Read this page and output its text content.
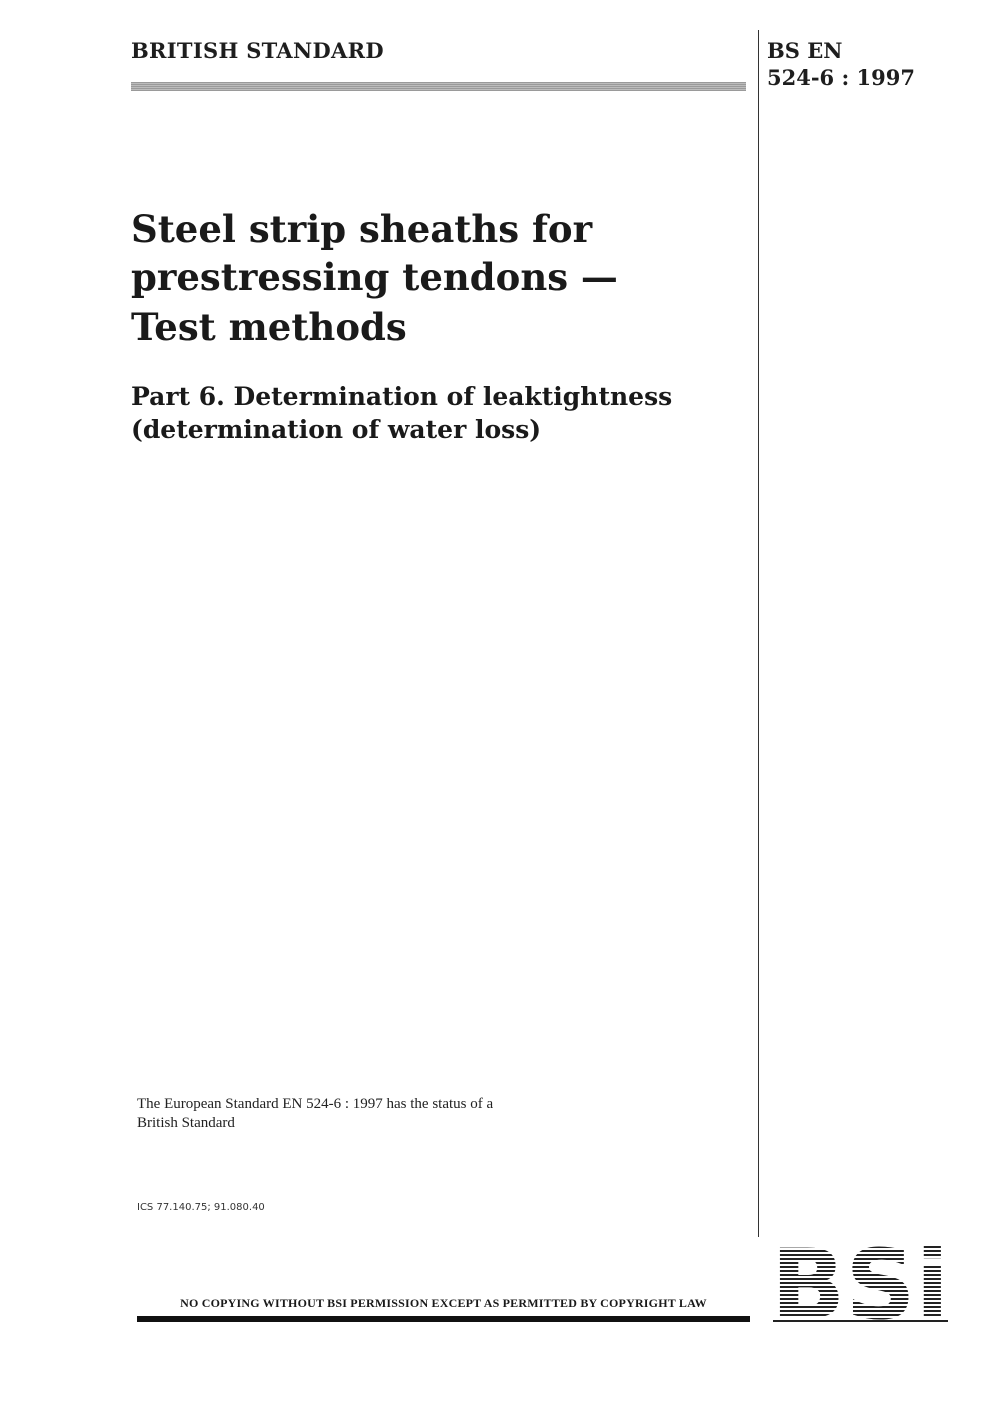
BRITISH STANDARD	BS EN
524-6 : 1997
Steel strip sheaths for
prestressing tendons —
Test methods
Part 6. Determination of leaktightness
(determination of water loss)
The European Standard EN 524-6 : 1997 has the status of a
British Standard
ICS 77.140.75; 91.080.40
NO COPYING WITHOUT BSI PERMISSION EXCEPT AS PERMITTED BY COPYRIGHT LAW
